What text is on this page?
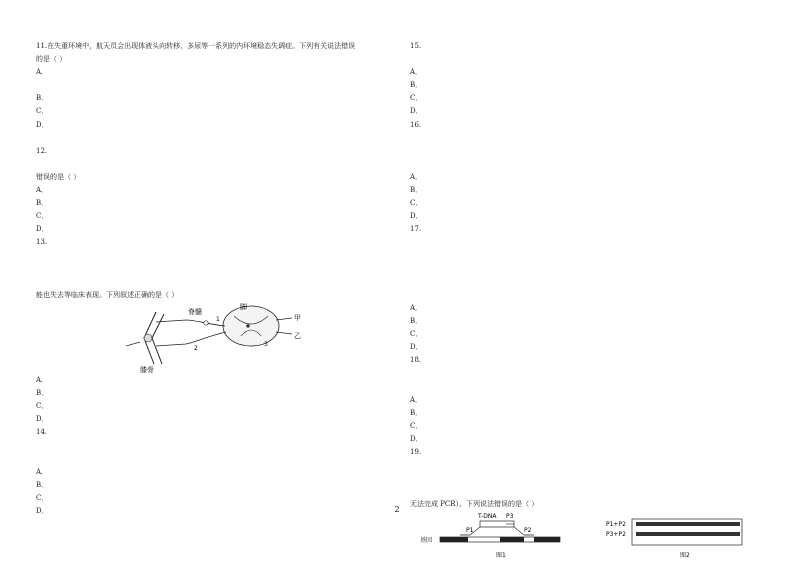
11.在失重环境中，航天员会出现体液头向转移、多尿等一系列的内环境稳态失调症。下列有关说法错误
的是（ ）
A．
B．
C．
D．
12.
错误的是（ ）
A．
B．
C．
D．
13.
能也失去等临床表现。下列叙述正确的是（ ）
脊髓
脚
甲
乙
1
2
3
膝骨
A．
B．
C．
D．
14.
A．
B．
C．
D．
15.
A．
B．
C．
D．
16.
A．
B．
C．
D．
17.
A．
B．
C．
D．
18.
A．
B．
C．
D．
19.
无法完成 PCR）。下列说法错误的是（ ）
T-DNA P3
P1	P2
基因
图1
P1+P2
P3+P2
图2
2
